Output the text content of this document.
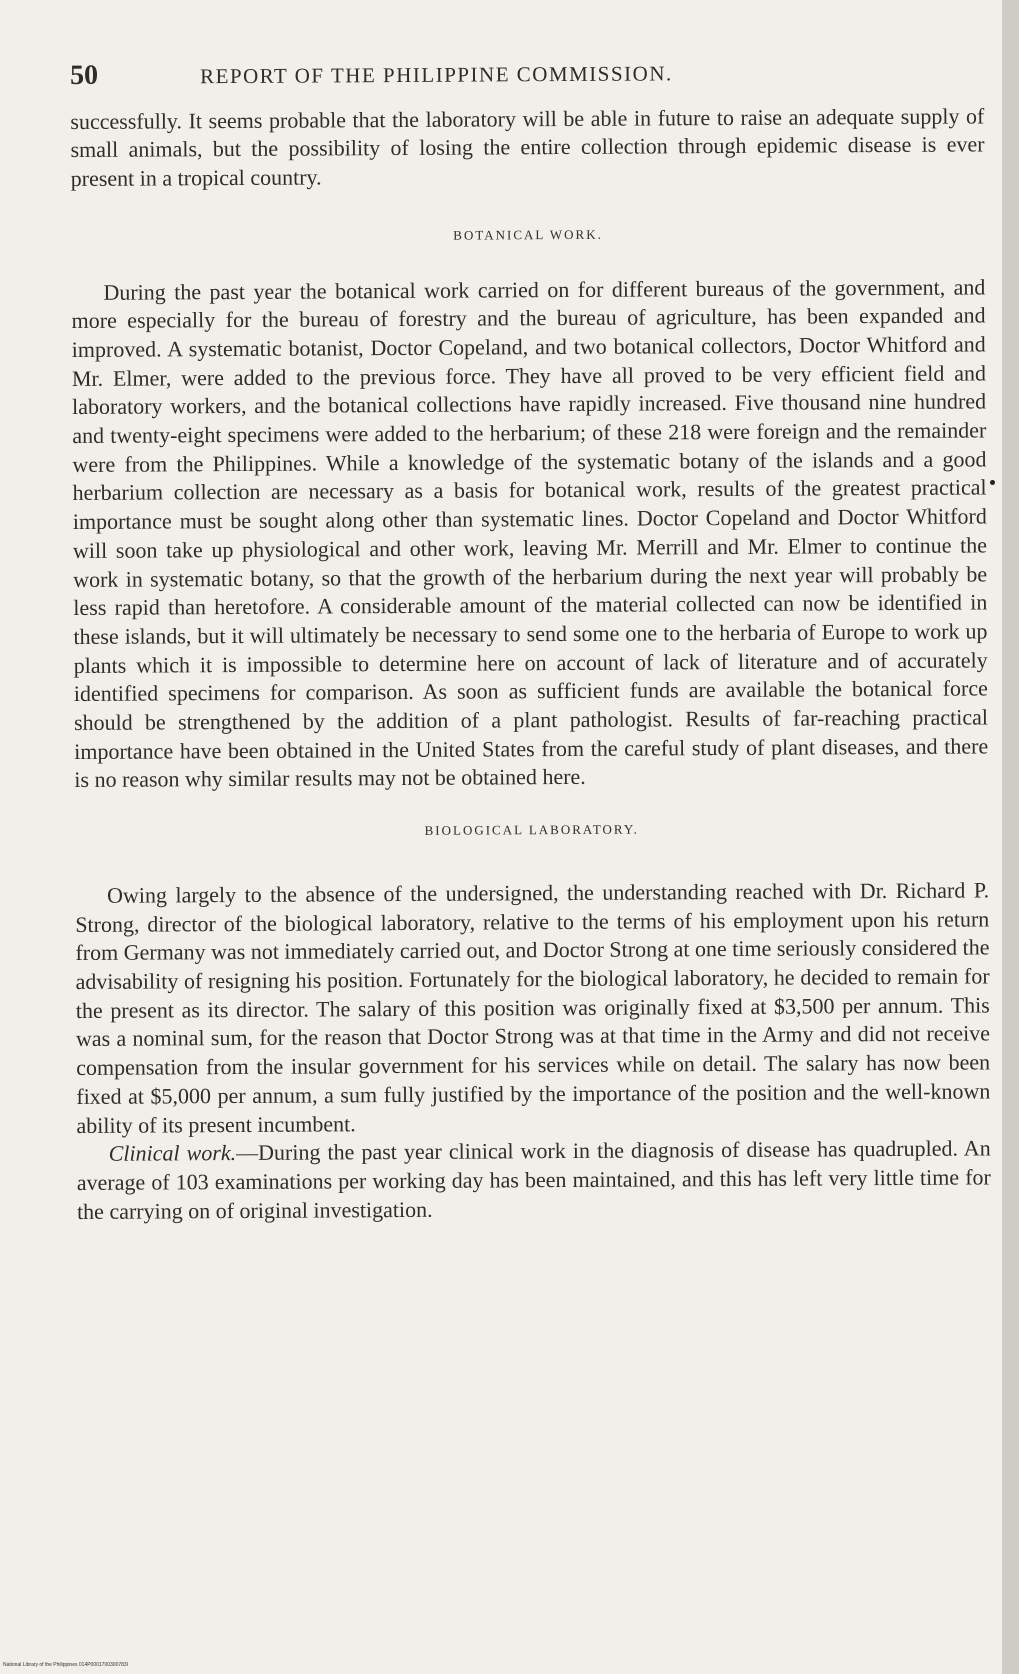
50	REPORT OF THE PHILIPPINE COMMISSION.

successfully. It seems probable that the laboratory will be able in future to raise an adequate supply of small animals, but the possibility of losing the entire collection through epidemic disease is ever present in a tropical country.

BOTANICAL WORK.

During the past year the botanical work carried on for different bureaus of the government, and more especially for the bureau of forestry and the bureau of agriculture, has been expanded and improved. A systematic botanist, Doctor Copeland, and two botanical collectors, Doctor Whitford and Mr. Elmer, were added to the previous force. They have all proved to be very efficient field and laboratory workers, and the botanical collections have rapidly increased. Five thousand nine hundred and twenty-eight specimens were added to the herbarium; of these 218 were foreign and the remainder were from the Philippines. While a knowledge of the systematic botany of the islands and a good herbarium collection are necessary as a basis for botanical work, results of the greatest practical importance must be sought along other than systematic lines. Doctor Copeland and Doctor Whitford will soon take up physiological and other work, leaving Mr. Merrill and Mr. Elmer to continue the work in systematic botany, so that the growth of the herbarium during the next year will probably be less rapid than heretofore. A considerable amount of the material collected can now be identified in these islands, but it will ultimately be necessary to send some one to the herbaria of Europe to work up plants which it is impossible to determine here on account of lack of literature and of accurately identified specimens for comparison. As soon as sufficient funds are available the botanical force should be strengthened by the addition of a plant pathologist. Results of far-reaching practical importance have been obtained in the United States from the careful study of plant diseases, and there is no reason why similar results may not be obtained here.

BIOLOGICAL LABORATORY.

Owing largely to the absence of the undersigned, the understanding reached with Dr. Richard P. Strong, director of the biological laboratory, relative to the terms of his employment upon his return from Germany was not immediately carried out, and Doctor Strong at one time seriously considered the advisability of resigning his position. Fortunately for the biological laboratory, he decided to remain for the present as its director. The salary of this position was originally fixed at $3,500 per annum. This was a nominal sum, for the reason that Doctor Strong was at that time in the Army and did not receive compensation from the insular government for his services while on detail. The salary has now been fixed at $5,000 per annum, a sum fully justified by the importance of the position and the well-known ability of its present incumbent.

Clinical work.—During the past year clinical work in the diagnosis of disease has quadrupled. An average of 103 examinations per working day has been maintained, and this has left very little time for the carrying on of original investigation.

National Library of the Philippines 014P0001700300783I
